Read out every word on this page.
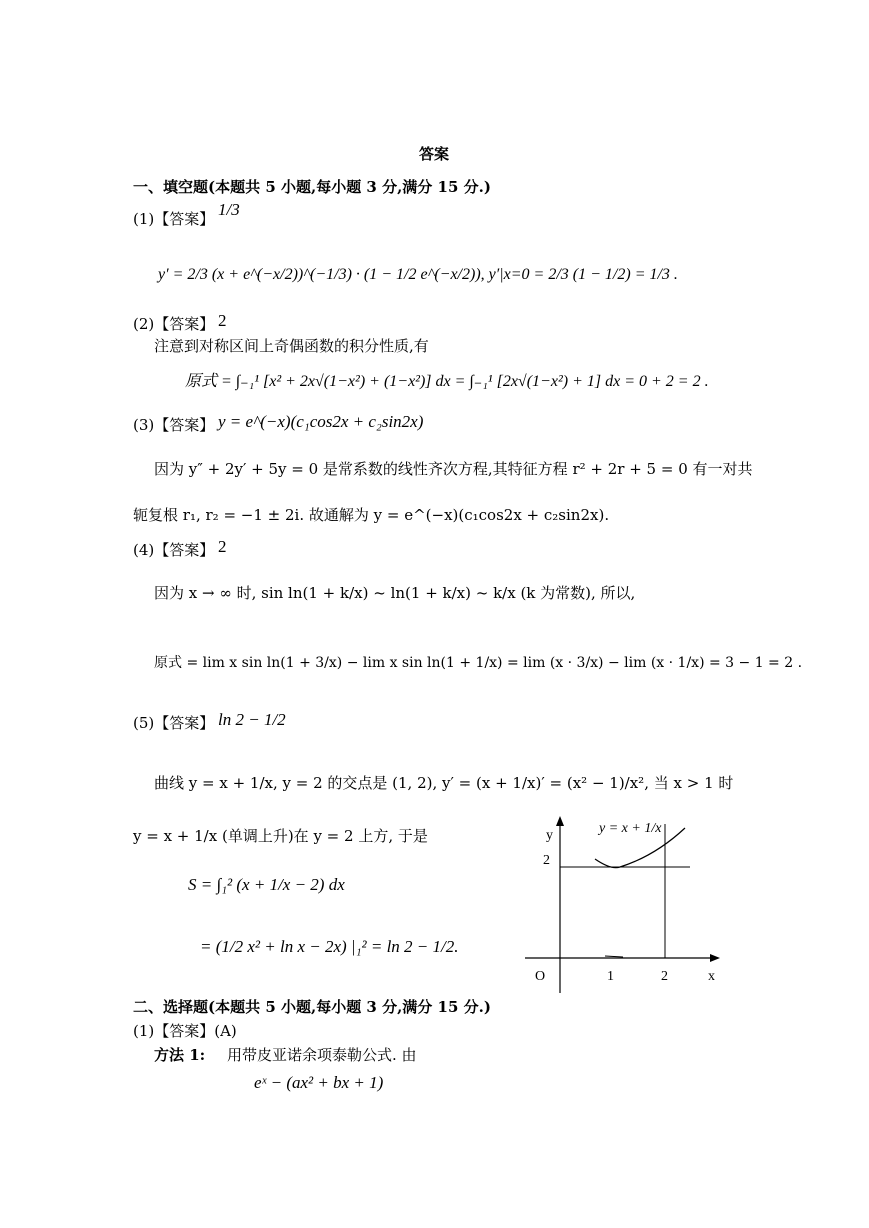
答案
一、填空题(本题共 5 小题,每小题 3 分,满分 15 分.)
(1)【答案】 1/3
y′ = 2/3 (x + e^(−x/2))^(−1/3) · (1 − 1/2 e^(−x/2)), y′|x=0 = 2/3 (1 − 1/2) = 1/3 .
(2)【答案】 2
注意到对称区间上奇偶函数的积分性质,有
原式 = ∫₋₁¹ [x² + 2x√(1−x²) + (1−x²)] dx = ∫₋₁¹ [2x√(1−x²) + 1] dx = 0 + 2 = 2 .
(3)【答案】 y = e^(−x)(c₁cos2x + c₂sin2x)
因为 y″ + 2y′ + 5y = 0 是常系数的线性齐次方程,其特征方程 r² + 2r + 5 = 0 有一对共
轭复根 r₁, r₂ = −1 ± 2i. 故通解为 y = e^(−x)(c₁cos2x + c₂sin2x).
(4)【答案】 2
因为 x → ∞ 时, sin ln(1 + k/x) ~ ln(1 + k/x) ~ k/x (k 为常数), 所以,
原式 = lim x sin ln(1 + 3/x) − lim x sin ln(1 + 1/x) = lim (x · 3/x) − lim (x · 1/x) = 3 − 1 = 2 .
(5)【答案】 ln 2 − 1/2
曲线 y = x + 1/x, y = 2 的交点是 (1, 2), y′ = (x + 1/x)′ = (x² − 1)/x², 当 x > 1 时
y = x + 1/x (单调上升)在 y = 2 上方, 于是
S = ∫₁² (x + 1/x − 2) dx
= (1/2 x² + ln x − 2x) |₁² = ln 2 − 1/2.
y
x
O	1	2
2
y = x + 1/x
二、选择题(本题共 5 小题,每小题 3 分,满分 15 分.)
(1)【答案】(A)
方法 1: 用带皮亚诺余项泰勒公式. 由
eˣ − (ax² + bx + 1)
